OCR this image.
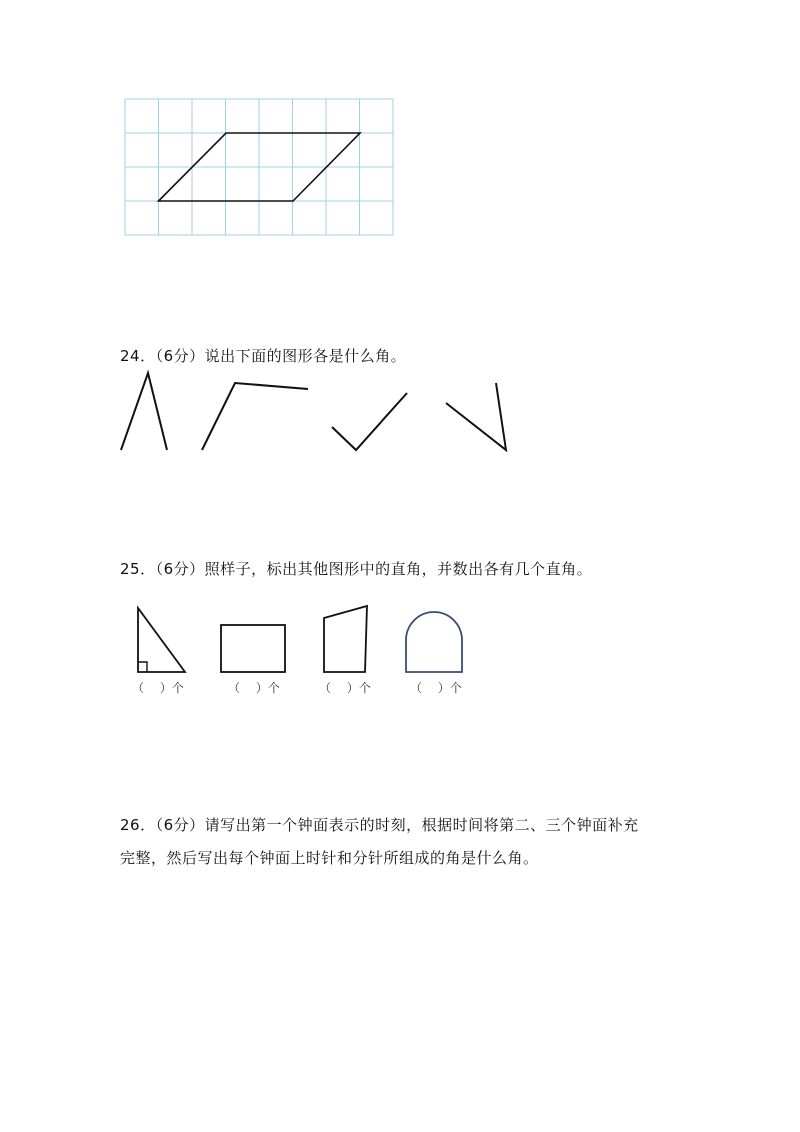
24．（6分）说出下面的图形各是什么角。
25．（6分）照样子，标出其他图形中的直角，并数出各有几个直角。
（　 ）个	（　 ）个	（　 ）个	（　 ）个
26．（6分）请写出第一个钟面表示的时刻，根据时间将第二、三个钟面补充
完整，然后写出每个钟面上时针和分针所组成的角是什么角。
